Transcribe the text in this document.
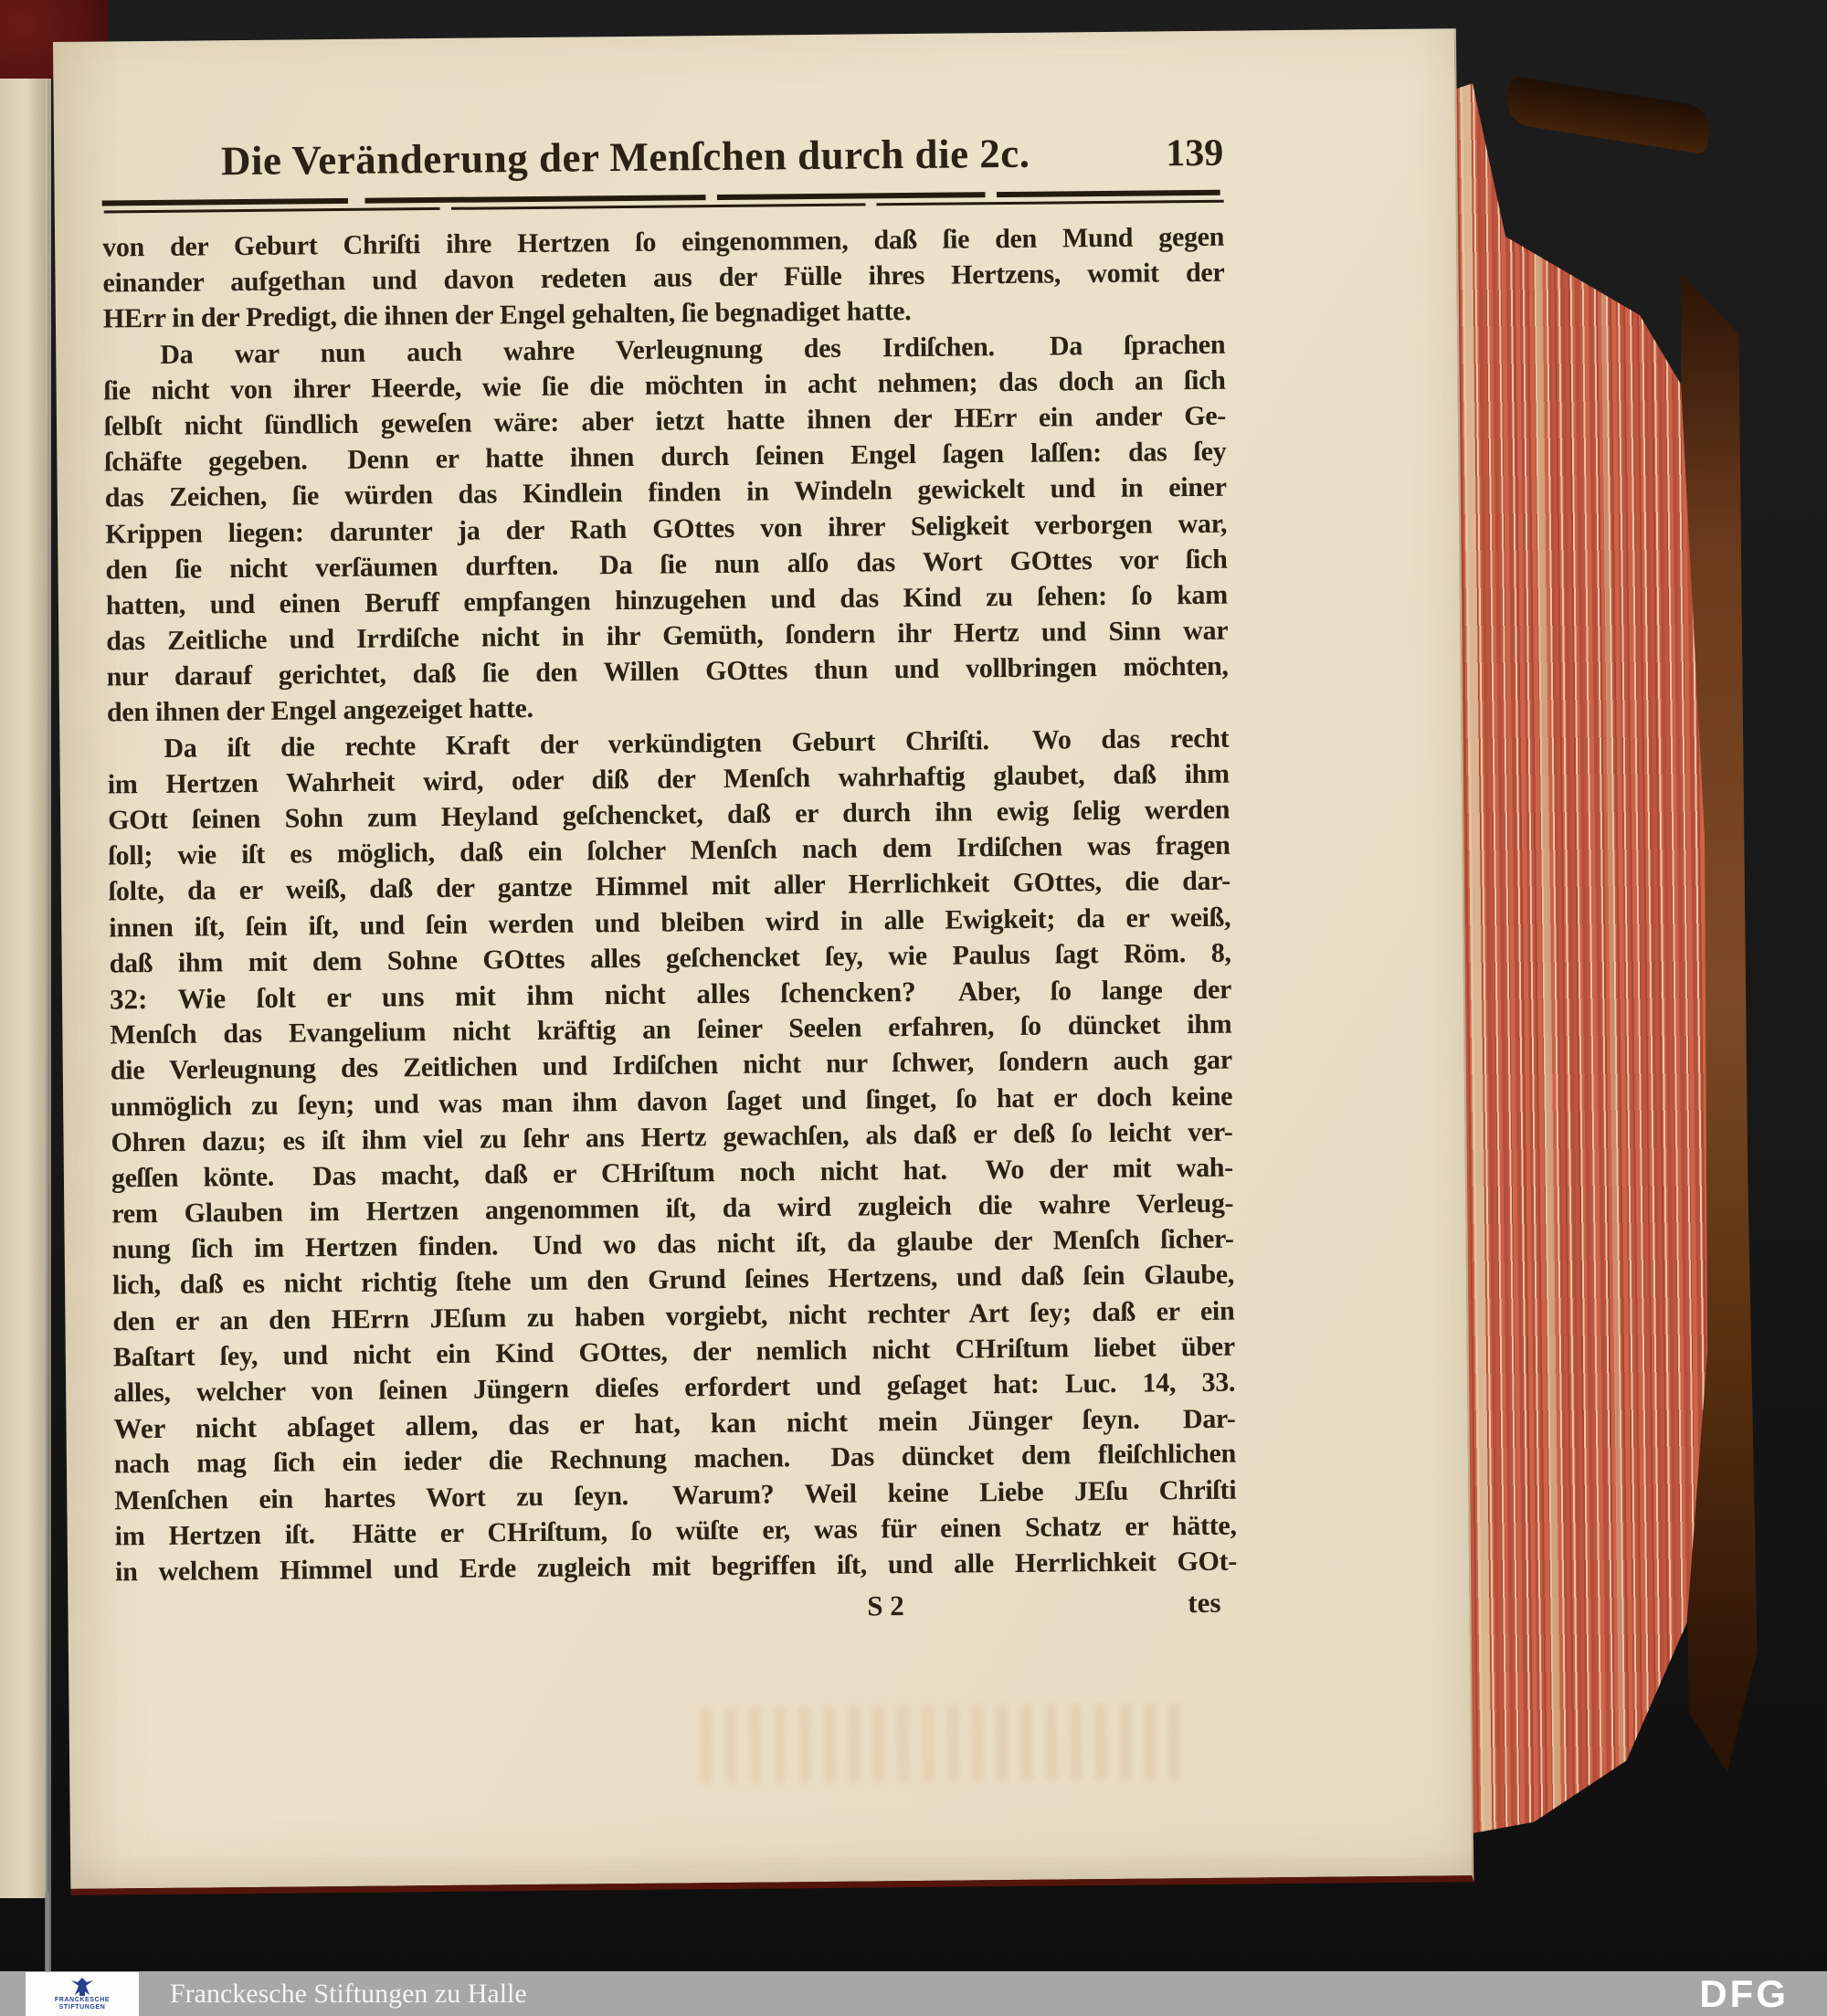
Die Veränderung der Menſchen durch die 2c.	139
von der Geburt Chriſti ihre Hertzen ſo eingenommen, daß ſie den Mund gegen
einander aufgethan und davon redeten aus der Fülle ihres Hertzens, womit der
HErr in der Predigt, die ihnen der Engel gehalten, ſie begnadiget hatte.
Da war nun auch wahre Verleugnung des Irdiſchen.  Da ſprachen
ſie nicht von ihrer Heerde, wie ſie die möchten in acht nehmen; das doch an ſich
ſelbſt nicht ſündlich geweſen wäre: aber ietzt hatte ihnen der HErr ein ander Ge-
ſchäfte gegeben.  Denn er hatte ihnen durch ſeinen Engel ſagen laſſen: das ſey
das Zeichen, ſie würden das Kindlein finden in Windeln gewickelt und in einer
Krippen liegen: darunter ja der Rath GOttes von ihrer Seligkeit verborgen war,
den ſie nicht verſäumen durften.  Da ſie nun alſo das Wort GOttes vor ſich
hatten, und einen Beruff empfangen hinzugehen und das Kind zu ſehen: ſo kam
das Zeitliche und Irrdiſche nicht in ihr Gemüth, ſondern ihr Hertz und Sinn war
nur darauf gerichtet, daß ſie den Willen GOttes thun und vollbringen möchten,
den ihnen der Engel angezeiget hatte.
Da iſt die rechte Kraft der verkündigten Geburt Chriſti.  Wo das recht
im Hertzen Wahrheit wird, oder diß der Menſch wahrhaftig glaubet, daß ihm
GOtt ſeinen Sohn zum Heyland geſchencket, daß er durch ihn ewig ſelig werden
ſoll; wie iſt es möglich, daß ein ſolcher Menſch nach dem Irdiſchen was fragen
ſolte, da er weiß, daß der gantze Himmel mit aller Herrlichkeit GOttes, die dar-
innen iſt, ſein iſt, und ſein werden und bleiben wird in alle Ewigkeit; da er weiß,
daß ihm mit dem Sohne GOttes alles geſchencket ſey, wie Paulus ſagt Röm. 8,
32: Wie ſolt er uns mit ihm nicht alles ſchencken?  Aber, ſo lange der
Menſch das Evangelium nicht kräftig an ſeiner Seelen erfahren, ſo düncket ihm
die Verleugnung des Zeitlichen und Irdiſchen nicht nur ſchwer, ſondern auch gar
unmöglich zu ſeyn; und was man ihm davon ſaget und ſinget, ſo hat er doch keine
Ohren dazu; es iſt ihm viel zu ſehr ans Hertz gewachſen, als daß er deß ſo leicht ver-
geſſen könte.  Das macht, daß er CHriſtum noch nicht hat.  Wo der mit wah-
rem Glauben im Hertzen angenommen iſt, da wird zugleich die wahre Verleug-
nung ſich im Hertzen finden.  Und wo das nicht iſt, da glaube der Menſch ſicher-
lich, daß es nicht richtig ſtehe um den Grund ſeines Hertzens, und daß ſein Glaube,
den er an den HErrn JEſum zu haben vorgiebt, nicht rechter Art ſey; daß er ein
Baſtart ſey, und nicht ein Kind GOttes, der nemlich nicht CHriſtum liebet über
alles, welcher von ſeinen Jüngern dieſes erfordert und geſaget hat: Luc. 14, 33.
Wer nicht abſaget allem, das er hat, kan nicht mein Jünger ſeyn.  Dar-
nach mag ſich ein ieder die Rechnung machen.  Das düncket dem fleiſchlichen
Menſchen ein hartes Wort zu ſeyn.  Warum? Weil keine Liebe JEſu Chriſti
im Hertzen iſt.  Hätte er CHriſtum, ſo wüſte er, was für einen Schatz er hätte,
in welchem Himmel und Erde zugleich mit begriffen iſt, und alle Herrlichkeit GOt-
S 2	tes
FRANCKESCHE
STIFTUNGEN Franckesche Stiftungen zu Halle	DFG
